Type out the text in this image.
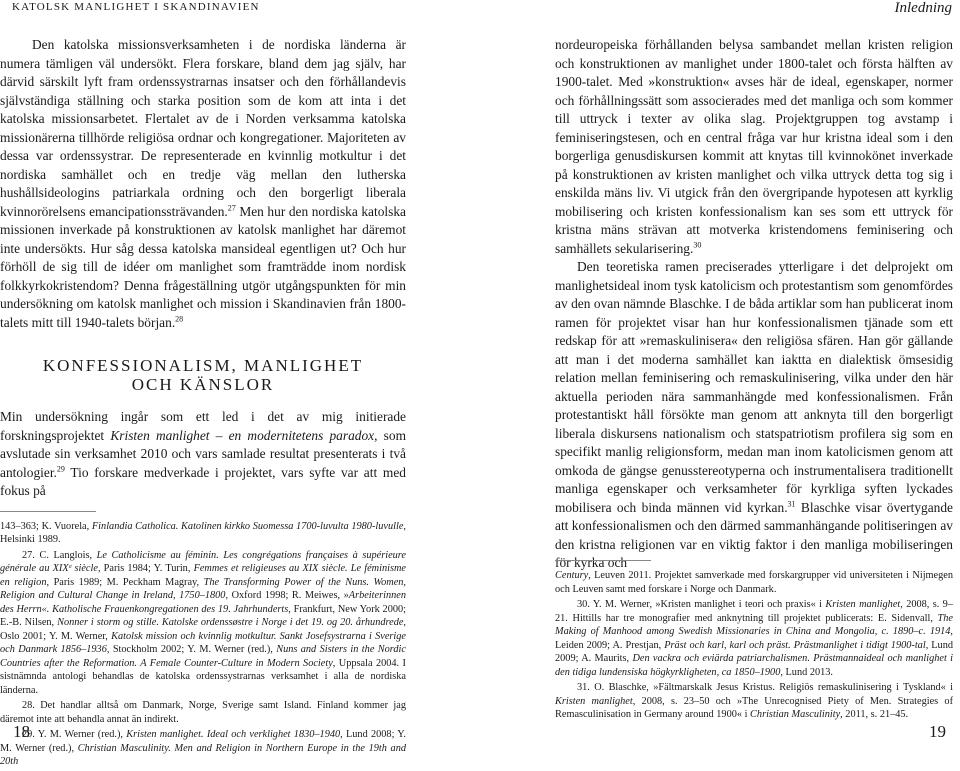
KATOLSK MANLIGHET I SKANDINAVIEN	Inledning

Den katolska missionsverksamheten i de nordiska länderna är numera tämligen väl undersökt. Flera forskare, bland dem jag själv, har därvid särskilt lyft fram ordenssystrarnas insatser och den förhållandevis självständiga ställning och starka position som de kom att inta i det katolska missionsarbetet. Flertalet av de i Norden verksamma katolska missionärerna tillhörde religiösa ordnar och kongregationer. Majoriteten av dessa var ordenssystrar. De representerade en kvinnlig motkultur i det nordiska samhället och en tredje väg mellan den lutherska hushållsideologins patriarkala ordning och den borgerligt liberala kvinnorörelsens emancipationssträvanden.$^{27}$ Men hur den nordiska katolska missionen inverkade på konstruktionen av katolsk manlighet har däremot inte undersökts. Hur såg dessa katolska mansideal egentligen ut? Och hur förhöll de sig till de idéer om manlighet som framträdde inom nordisk folkkyrkokristendom? Denna frågeställning utgör utgångspunkten för min undersökning om katolsk manlighet och mission i Skandinavien från 1800-talets mitt till 1940-talets början.$^{28}$

KONFESSIONALISM, MANLIGHET
OCH KÄNSLOR

Min undersökning ingår som ett led i det av mig initierade forskningsprojektet Kristen manlighet – en modernitetens paradox, som avslutade sin verksamhet 2010 och vars samlade resultat presenterats i två antologier.$^{29}$ Tio forskare medverkade i projektet, vars syfte var att med fokus på

143–363; K. Vuorela, Finlandia Catholica. Katolinen kirkko Suomessa 1700-luvulta 1980-luvulle, Helsinki 1989.

27. C. Langlois, Le Catholicisme au féminin. Les congrégations françaises à supérieure générale au XIXᵉ siècle, Paris 1984; Y. Turin, Femmes et religieuses au XIX siècle. Le féminisme en religion, Paris 1989; M. Peckham Magray, The Transforming Power of the Nuns. Women, Religion and Cultural Change in Ireland, 1750–1800, Oxford 1998; R. Meiwes, »Arbeiterinnen des Herrn«. Katholische Frauenkongregationen des 19. Jahrhunderts, Frankfurt, New York 2000; E.-B. Nilsen, Nonner i storm og stille. Katolske ordenssøstre i Norge i det 19. og 20. århundrede, Oslo 2001; Y. M. Werner, Katolsk mission och kvinnlig motkultur. Sankt Josefsystrarna i Sverige och Danmark 1856–1936, Stockholm 2002; Y. M. Werner (red.), Nuns and Sisters in the Nordic Countries after the Reformation. A Female Counter-Culture in Modern Society, Uppsala 2004. I sistnämnda antologi behandlas de katolska ordenssystrarnas verksamhet i alla de nordiska länderna.

28. Det handlar alltså om Danmark, Norge, Sverige samt Island. Finland kommer jag däremot inte att behandla annat än indirekt.

29. Y. M. Werner (red.), Kristen manlighet. Ideal och verklighet 1830–1940, Lund 2008; Y. M. Werner (red.), Christian Masculinity. Men and Religion in Northern Europe in the 19th and 20th

nordeuropeiska förhållanden belysa sambandet mellan kristen religion och konstruktionen av manlighet under 1800-talet och första hälften av 1900-talet. Med »konstruktion« avses här de ideal, egenskaper, normer och förhållningssätt som associerades med det manliga och som kommer till uttryck i texter av olika slag. Projektgruppen tog avstamp i feminiseringstesen, och en central fråga var hur kristna ideal som i den borgerliga genusdiskursen kommit att knytas till kvinnokönet inverkade på konstruktionen av kristen manlighet och vilka uttryck detta tog sig i enskilda mäns liv. Vi utgick från den övergripande hypotesen att kyrklig mobilisering och kristen konfessionalism kan ses som ett uttryck för kristna mäns strävan att motverka kristendomens feminisering och samhällets sekularisering.$^{30}$

Den teoretiska ramen preciserades ytterligare i det delprojekt om manlighetsideal inom tysk katolicism och protestantism som genomfördes av den ovan nämnde Blaschke. I de båda artiklar som han publicerat inom ramen för projektet visar han hur konfessionalismen tjänade som ett redskap för att »remaskulinisera« den religiösa sfären. Han gör gällande att man i det moderna samhället kan iaktta en dialektisk ömsesidig relation mellan feminisering och remaskulinisering, vilka under den här aktuella perioden nära sammanhängde med konfessionalismen. Från protestantiskt håll försökte man genom att anknyta till den borgerligt liberala diskursens nationalism och statspatriotism profilera sig som en specifikt manlig religionsform, medan man inom katolicismen genom att omkoda de gängse genusstereotyperna och instrumentalisera traditionellt manliga egenskaper och verksamheter för kyrkliga syften lyckades mobilisera och binda männen vid kyrkan.$^{31}$ Blaschke visar övertygande att konfessionalismen och den därmed sammanhängande politiseringen av den kristna religionen var en viktig faktor i den manliga mobiliseringen för kyrka och

Century, Leuven 2011. Projektet samverkade med forskargrupper vid universiteten i Nijmegen och Leuven samt med forskare i Norge och Danmark.

30. Y. M. Werner, »Kristen manlighet i teori och praxis« i Kristen manlighet, 2008, s. 9–21. Hittills har tre monografier med anknytning till projektet publicerats: E. Sidenvall, The Making of Manhood among Swedish Missionaries in China and Mongolia, c. 1890–c. 1914, Leiden 2009; A. Prestjan, Präst och karl, karl och präst. Prästmanlighet i tidigt 1900-tal, Lund 2009; A. Maurits, Den vackra och eviärda patriarchalismen. Prästmannaideal och manlighet i den tidiga lundensiska högkyrkligheten, ca 1850–1900, Lund 2013.

31. O. Blaschke, »Fältmarskalk Jesus Kristus. Religiös remaskulinisering i Tyskland« i Kristen manlighet, 2008, s. 23–50 och »The Unrecognised Piety of Men. Strategies of Remasculinisation in Germany around 1900« i Christian Masculinity, 2011, s. 21–45.

18	19
